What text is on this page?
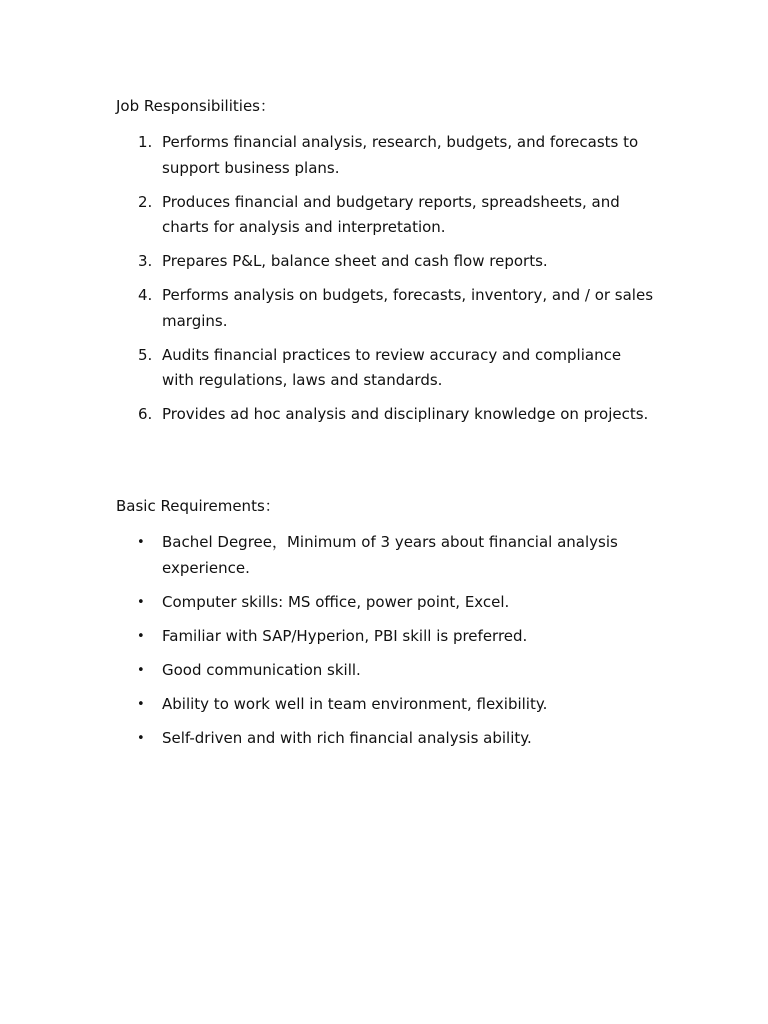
Job Responsibilities：

1. Performs financial analysis, research, budgets, and forecasts to support business plans.
2. Produces financial and budgetary reports, spreadsheets, and charts for analysis and interpretation.
3. Prepares P&L, balance sheet and cash flow reports.
4. Performs analysis on budgets, forecasts, inventory, and / or sales margins.
5. Audits financial practices to review accuracy and compliance with regulations, laws and standards.
6. Provides ad hoc analysis and disciplinary knowledge on projects.

Basic Requirements：

• Bachel Degree，Minimum of 3 years about financial analysis experience.
• Computer skills: MS office, power point, Excel.
• Familiar with SAP/Hyperion, PBI skill is preferred.
• Good communication skill.
• Ability to work well in team environment, flexibility.
• Self-driven and with rich financial analysis ability.
